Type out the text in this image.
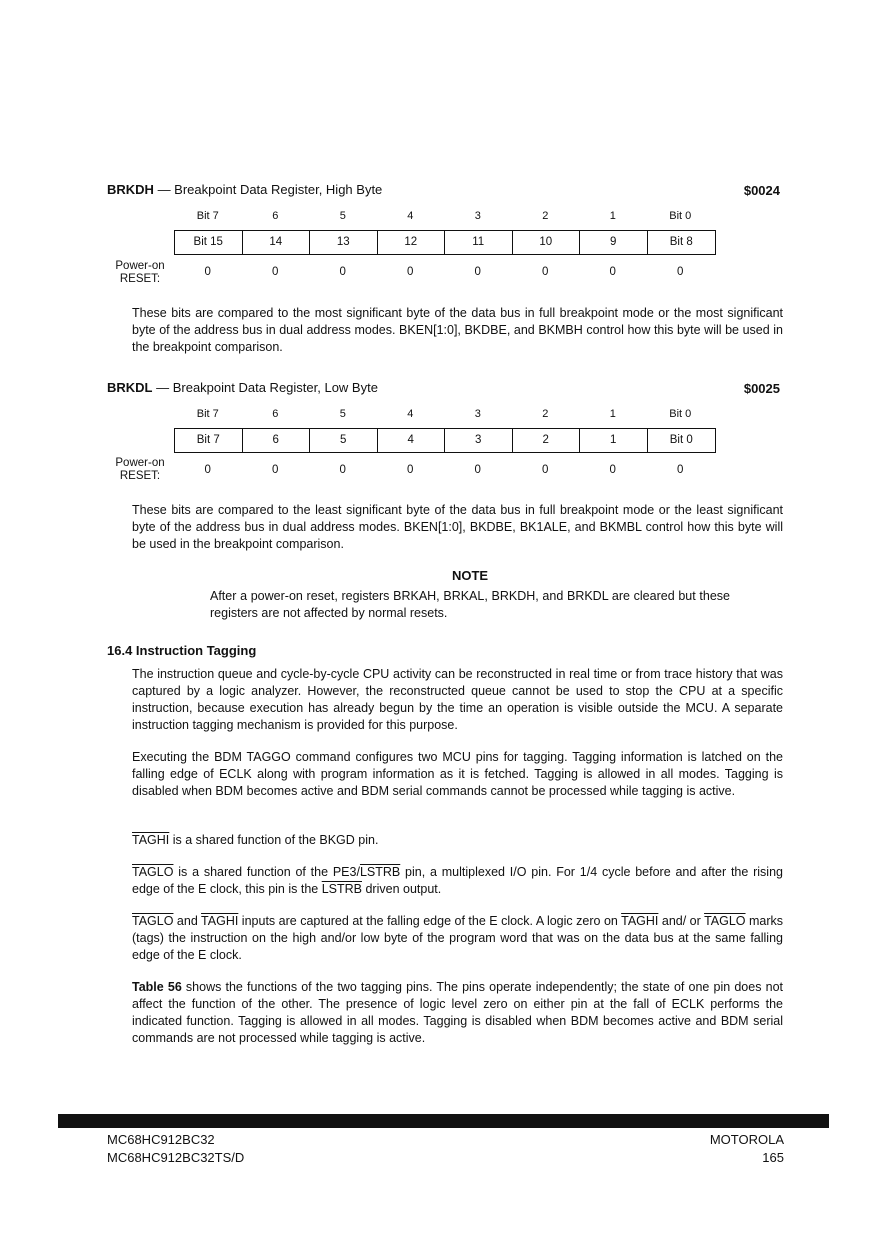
BRKDH — Breakpoint Data Register, High Byte	$0024
Bit 7	6	5	4	3	2	1	Bit 0
Bit 15	14	13	12	11	10	9	Bit 8
Power-on
RESET:
0	0	0	0	0	0	0	0

These bits are compared to the most significant byte of the data bus in full breakpoint mode or the most significant byte of the address bus in dual address modes. BKEN[1:0], BKDBE, and BKMBH control how this byte will be used in the breakpoint comparison.

BRKDL — Breakpoint Data Register, Low Byte	$0025
Bit 7	6	5	4	3	2	1	Bit 0
Bit 7	6	5	4	3	2	1	Bit 0
Power-on
RESET:	0	0	0	0	0	0	0	0

These bits are compared to the least significant byte of the data bus in full breakpoint mode or the least significant byte of the address bus in dual address modes. BKEN[1:0], BKDBE, BK1ALE, and BKMBL control how this byte will be used in the breakpoint comparison.

NOTE

After a power-on reset, registers BRKAH, BRKAL, BRKDH, and BRKDL are cleared but these registers are not affected by normal resets.

16.4 Instruction Tagging

The instruction queue and cycle-by-cycle CPU activity can be reconstructed in real time or from trace history that was captured by a logic analyzer. However, the reconstructed queue cannot be used to stop the CPU at a specific instruction, because execution has already begun by the time an operation is visible outside the MCU. A separate instruction tagging mechanism is provided for this purpose.

Executing the BDM TAGGO command configures two MCU pins for tagging. Tagging information is latched on the falling edge of ECLK along with program information as it is fetched. Tagging is allowed in all modes. Tagging is disabled when BDM becomes active and BDM serial commands cannot be processed while tagging is active.

TAGHI is a shared function of the BKGD pin.

TAGLO is a shared function of the PE3/LSTRB pin, a multiplexed I/O pin. For 1/4 cycle before and after the rising edge of the E clock, this pin is the LSTRB driven output.

TAGLO and TAGHI inputs are captured at the falling edge of the E clock. A logic zero on TAGHI and/ or TAGLO marks (tags) the instruction on the high and/or low byte of the program word that was on the data bus at the same falling edge of the E clock.

Table 56 shows the functions of the two tagging pins. The pins operate independently; the state of one pin does not affect the function of the other. The presence of logic level zero on either pin at the fall of ECLK performs the indicated function. Tagging is allowed in all modes. Tagging is disabled when BDM becomes active and BDM serial commands are not processed while tagging is active.

MC68HC912BC32
MC68HC912BC32TS/D
MOTOROLA
165
